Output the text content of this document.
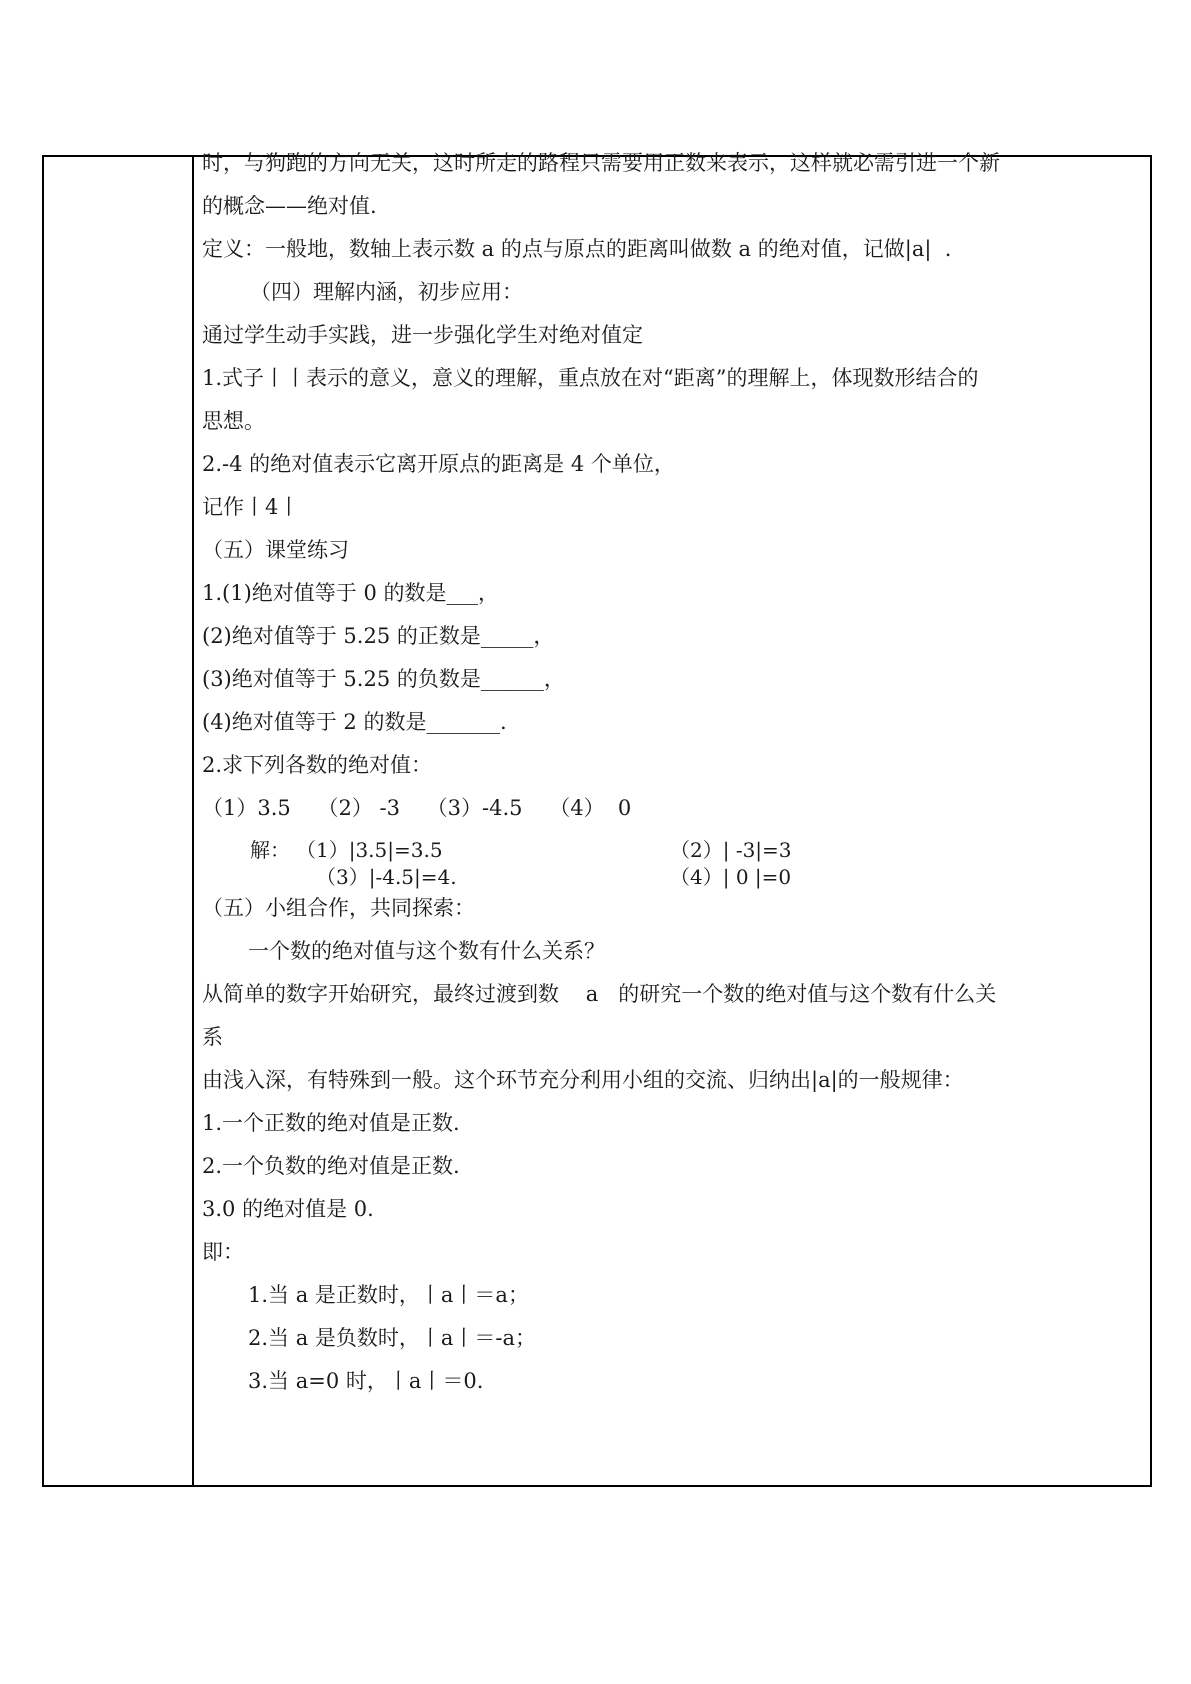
时，与狗跑的方向无关，这时所走的路程只需要用正数来表示，这样就必需引进一个新
的概念——绝对值.
定义：一般地，数轴上表示数 a 的点与原点的距离叫做数 a 的绝对值，记做|a|  .
（四）理解内涵，初步应用：
通过学生动手实践，进一步强化学生对绝对值定
1.式子丨丨表示的意义，意义的理解，重点放在对“距离”的理解上，体现数形结合的
思想。
2.-4 的绝对值表示它离开原点的距离是 4 个单位，
记作丨4丨
（五）课堂练习
1.(1)绝对值等于 0 的数是___，
(2)绝对值等于 5.25 的正数是_____，
(3)绝对值等于 5.25 的负数是______，
(4)绝对值等于 2 的数是_______.
2.求下列各数的绝对值：
（1）3.5    （2） -3    （3）-4.5    （4）  0
解： （1）|3.5|=3.5	（2）| -3|=3
（3）|-4.5|=4.	（4）| 0 |=0
（五）小组合作，共同探索：
一个数的绝对值与这个数有什么关系？
从简单的数字开始研究，最终过渡到数    a   的研究一个数的绝对值与这个数有什么关
系
由浅入深，有特殊到一般。这个环节充分利用小组的交流、归纳出|a|的一般规律：
1.一个正数的绝对值是正数.
2.一个负数的绝对值是正数.
3.0 的绝对值是 0.
即：
1.当 a 是正数时，丨a丨＝a；
2.当 a 是负数时，丨a丨＝-a；
3.当 a=0 时，丨a丨＝0.
